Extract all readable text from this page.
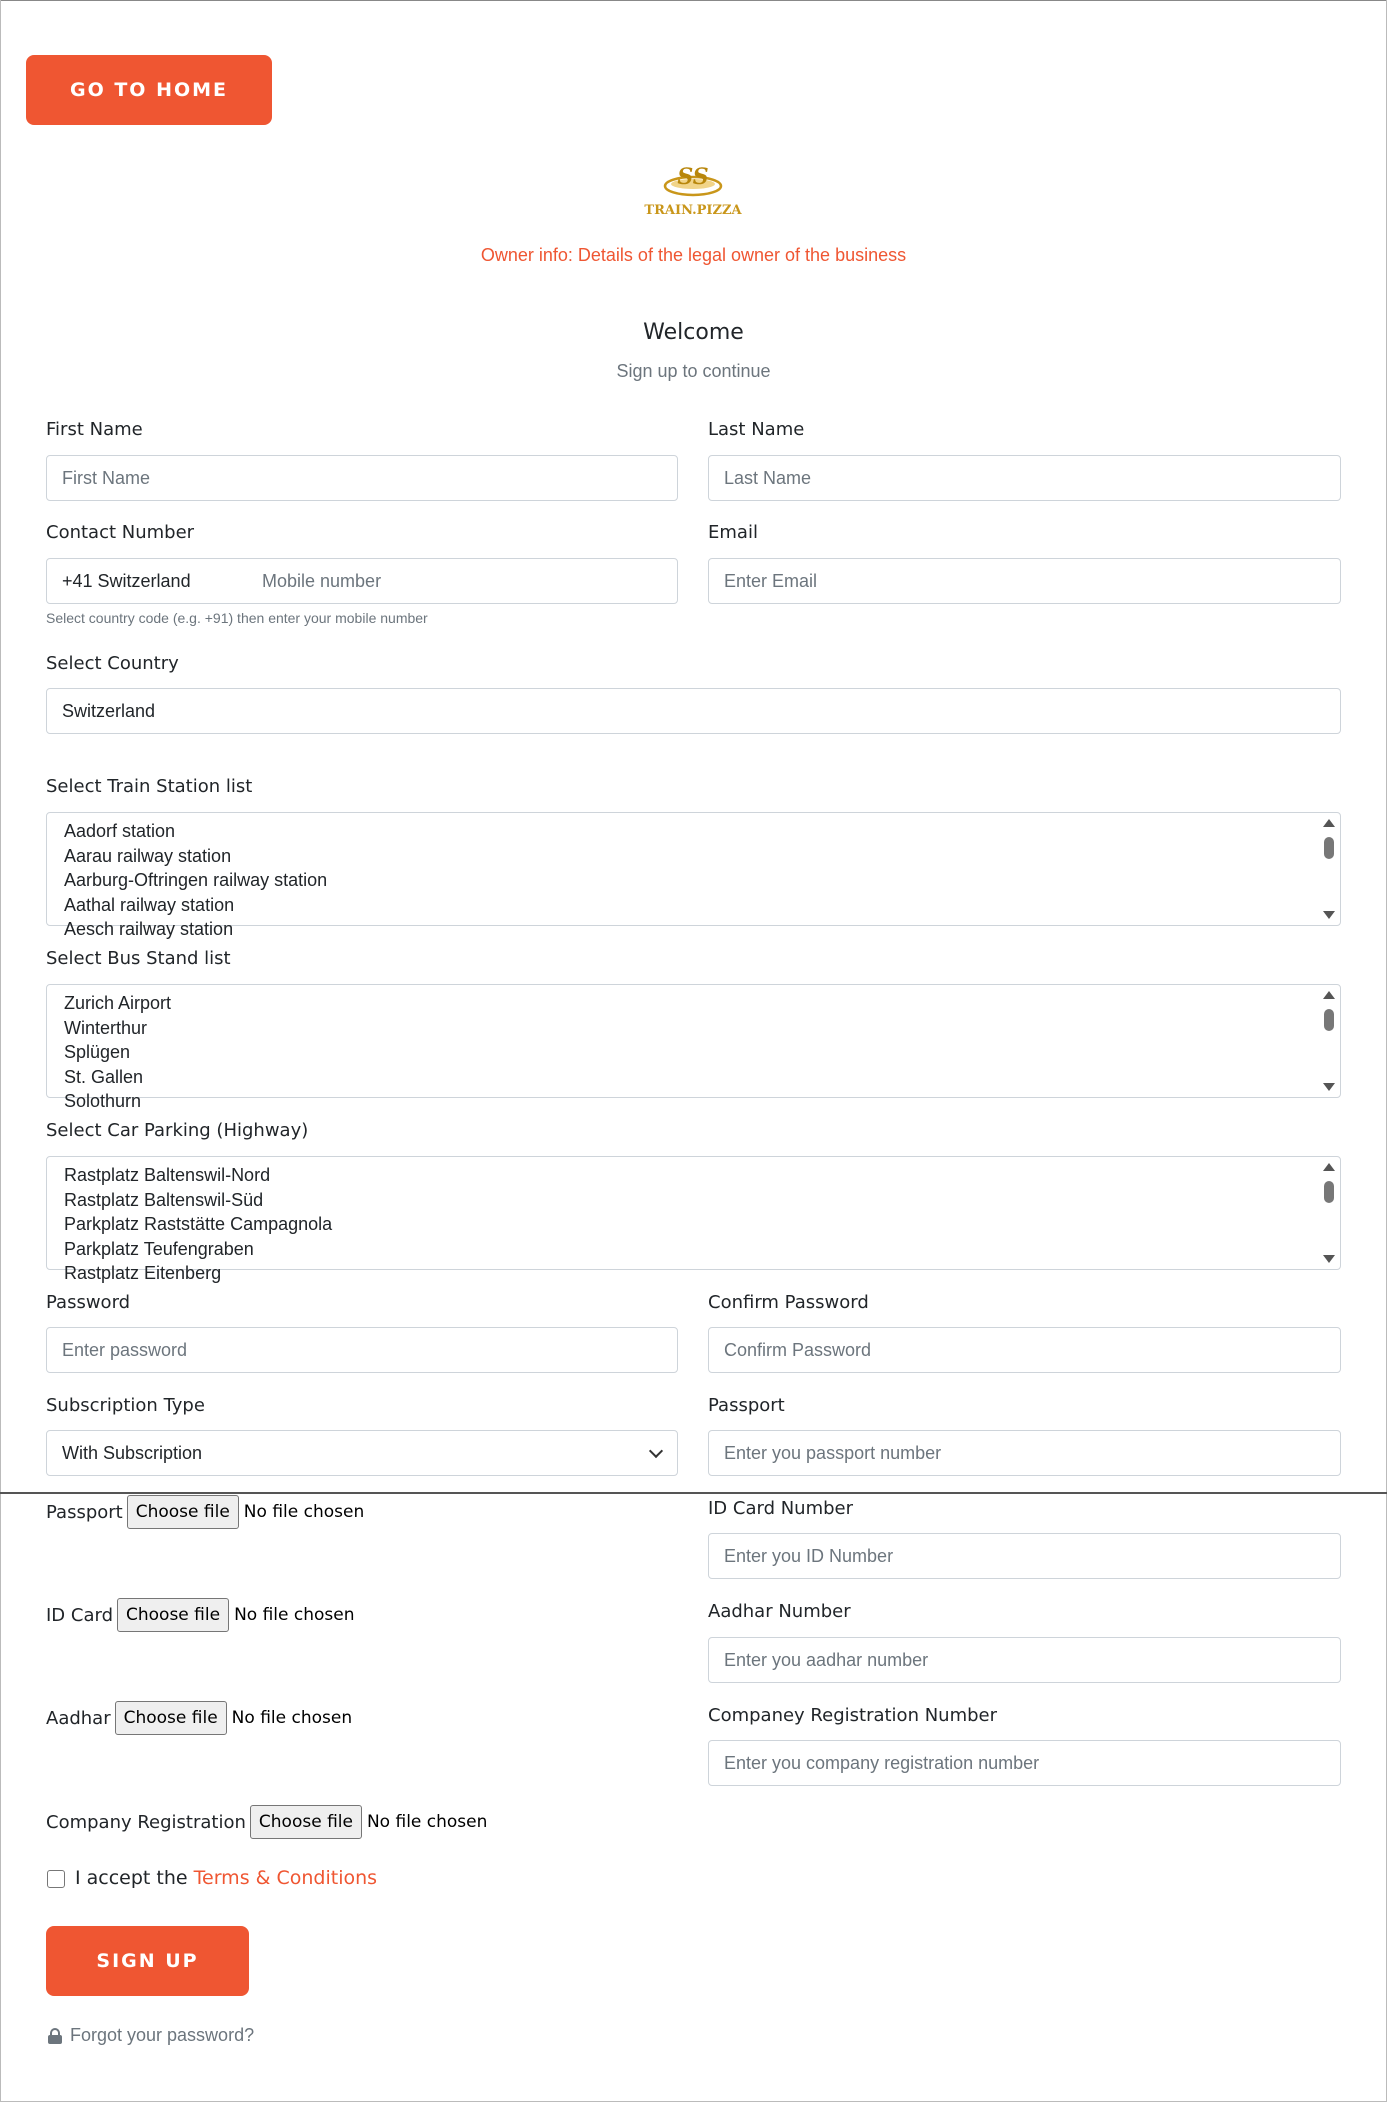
GO TO HOME
SS
TRAIN.PIZZA
Owner info: Details of the legal owner of the business
Welcome
Sign up to continue
First Name
First Name
Last Name
Last Name
Contact Number
+41 Switzerland	Mobile number
Select country code (e.g. +91) then enter your mobile number
Email
Enter Email
Select Country
Switzerland
Select Train Station list
Aadorf station
Aarau railway station
Aarburg-Oftringen railway station
Aathal railway station
Aesch railway station
Select Bus Stand list
Zurich Airport
Winterthur
Splügen
St. Gallen
Solothurn
Select Car Parking (Highway)
Rastplatz Baltenswil-Nord
Rastplatz Baltenswil-Süd
Parkplatz Raststätte Campagnola
Parkplatz Teufengraben
Rastplatz Eitenberg
Password
Enter password
Confirm Password
Confirm Password
Subscription Type
With Subscription
Passport
Enter you passport number
Passport Choose file No file chosen
ID Card Choose file No file chosen
Aadhar Choose file No file chosen
Company Registration Choose file No file chosen
ID Card Number
Enter you ID Number
Aadhar Number
Enter you aadhar number
Companey Registration Number
Enter you company registration number
I accept the Terms & Conditions
SIGN UP
Forgot your password?
